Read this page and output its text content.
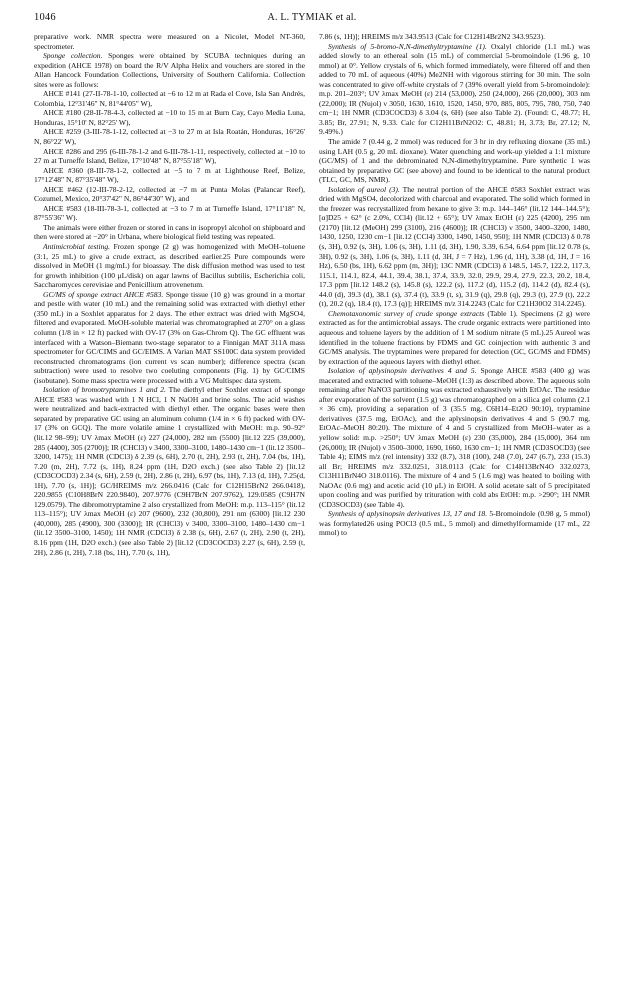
1046	A. L. TYMIAK et al.

preparative work. NMR spectra were measured on a Nicolet, Model NT-360, spectrometer.

Sponge collection. Sponges were obtained by SCUBA techniques during an expedition (AHCE 1978) on board the R/V Alpha Helix and vouchers are stored in the Allan Hancock Foundation Collections, University of Southern California. Collection sites were as follows:

AHCE #141 (27-II-78-1-10, collected at −6 to 12 m at Rada el Cove, Isla San Andrés, Colombia, 12°31'46" N, 81°44'05" W),

AHCE #180 (28-II-78-4-3, collected at −10 to 15 m at Burn Cay, Cayo Media Luna, Honduras, 15°10' N, 82°25' W),

AHCE #259 (3-III-78-1-12, collected at −3 to 27 m at Isla Roatán, Honduras, 16°26' N, 86°22' W),

AHCE #286 and 295 (6-III-78-1-2 and 6-III-78-1-11, respectively, collected at −10 to 27 m at Turneffe Island, Belize, 17°10'48" N, 87°55'18" W),

AHCE #360 (8-III-78-1-2, collected at −5 to 7 m at Lighthouse Reef, Belize, 17°12'48" N, 87°35'48" W),

AHCE #462 (12-III-78-2-12, collected at −7 m at Punta Molas (Palancar Reef), Cozumel, Mexico, 20°37'42" N, 86°44'30" W), and

AHCE #583 (18-III-78-3-1, collected at −3 to 7 m at Turneffe Island, 17°11'18" N, 87°55'36" W).

The animals were either frozen or stored in cans in isopropyl alcohol on shipboard and then were stored at −20° in Urbana, where biological field testing was repeated.

Antimicrobial testing. Frozen sponge (2 g) was homogenized with MeOH–toluene (3:1, 25 mL) to give a crude extract, as described earlier.25 Pure compounds were dissolved in MeOH (1 mg/mL) for bioassay. The disk diffusion method was used to test for growth inhibition (100 μL/disk) on agar lawns of Bacillus subtilis, Escherichia coli, Saccharomyces cerevisiae and Penicillium atrovenetum.

GC/MS of sponge extract AHCE #583. Sponge tissue (10 g) was ground in a mortar and pestle with water (10 mL) and the remaining solid was extracted with diethyl ether (350 mL) in a Soxhlet apparatus for 2 days. The ether extract was dried with MgSO4, filtered and evaporated. MeOH-soluble material was chromatographed at 270° on a glass column (1/8 in × 12 ft) packed with OV-17 (3% on Gas-Chrom Q). The GC effluent was interfaced with a Watson–Biemann two-stage separator to a Finnigan MAT 311A mass spectrometer for GC/CIMS and GC/EIMS. A Varian MAT SS100C data system provided reconstructed chromatograms (ion current vs scan number); difference spectra (scan subtraction) were used to resolve two coeluting components (Fig. 1) by GC/CIMS (isobutane). Some mass spectra were processed with a VG Multispec data system.

Isolation of bromotryptamines 1 and 2. The diethyl ether Soxhlet extract of sponge AHCE #583 was washed with 1 N HCl, 1 N NaOH and brine solns. The acid washes were neutralized and back-extracted with diethyl ether. The organic bases were then separated by preparative GC using an aluminum column (1/4 in × 6 ft) packed with OV-17 (3% on GCQ). The more volatile amine 1 crystallized with MeOH: m.p. 90–92° (lit.12 98–99); UV λmax MeOH (ε) 227 (24,000), 282 nm (5500) [lit.12 225 (39,000), 285 (4400), 305 (2700)]; IR (CHCl3) ν 3400, 3300–3100, 1480–1430 cm−1 (lit.12 3500–3200, 1475); 1H NMR (CDCl3) δ 2.39 (s, 6H), 2.70 (t, 2H), 2.93 (t, 2H), 7.04 (bs, 1H), 7.20 (m, 2H), 7.72 (s, 1H), 8.24 ppm (1H, D2O exch.) (see also Table 2) [lit.12 (CD3COCD3) 2.34 (s, 6H), 2.59 (t, 2H), 2.86 (t, 2H), 6.97 (bs, 1H), 7.13 (d, 1H), 7.25(d, 1H), 7.70 (s, 1H)]; GC/HREIMS m/z 266.0416 (Calc for C12H15BrN2 266.0418), 220.9855 (C10H8BrN 220.9840), 207.9776 (C9H7BrN 207.9762), 129.0585 (C9H7N 129.0579). The dibromotryptamine 2 also crystallized from MeOH: m.p. 113–115° (lit.12 113–115°); UV λmax MeOH (ε) 207 (9600), 232 (30,800), 291 nm (6300) [lit.12 230 (40,000), 285 (4900), 300 (3300)]; IR (CHCl3) ν 3400, 3300–3100, 1480–1430 cm−1 (lit.12 3500–3100, 1450); 1H NMR (CDCl3) δ 2.38 (s, 6H), 2.67 (t, 2H), 2.90 (t, 2H), 8.16 ppm (1H, D2O exch.) (see also Table 2) [lit.12 (CD3COCD3) 2.27 (s, 6H), 2.59 (t, 2H), 2.86 (t, 2H), 7.18 (bs, 1H), 7.70 (s, 1H),

7.86 (s, 1H)]; HREIMS m/z 343.9513 (Calc for C12H14Br2N2 343.9523).

Synthesis of 5-bromo-N,N-dimethyltryptamine (1). Oxalyl chloride (1.1 mL) was added slowly to an ethereal soln (15 mL) of commercial 5-bromoindole (1.96 g, 10 mmol) at 0°. Yellow crystals of 6, which formed immediately, were filtered off and then added to 70 mL of aqueous (40%) Me2NH with vigorous stirring for 30 min. The soln was concentrated to give off-white crystals of 7 (39% overall yield from 5-bromoindole): m.p. 201–203°; UV λmax MeOH (ε) 214 (53,000), 250 (24,000), 266 (20,000), 303 nm (22,000); IR (Nujol) ν 3050, 1630, 1610, 1520, 1450, 970, 885, 805, 795, 780, 750, 740 cm−1; 1H NMR (CD3COCD3) δ 3.04 (s, 6H) (see also Table 2). (Found: C, 48.77; H, 3.85; Br, 27.91; N, 9.33. Calc for C12H11BrN2O2: C, 48.81; H, 3.73; Br, 27.12; N, 9.49%.)

The amide 7 (0.44 g, 2 mmol) was reduced for 3 hr in dry refluxing dioxane (35 mL) using LAH (0.5 g, 20 mL dioxane). Water quenching and work-up yielded a 1:1 mixture (GC/MS) of 1 and the debrominated N,N-dimethyltryptamine. Pure synthetic 1 was obtained by preparative GC (see above) and found to be identical to the natural product (TLC, GC, MS, NMR).

Isolation of aureol (3). The neutral portion of the AHCE #583 Soxhlet extract was dried with MgSO4, decolorized with charcoal and evaporated. The solid which formed in the freezer was recrystallized from hexane to give 3: m.p. 144–146° (lit.12 144–144.5°); [α]D25 + 62° (c 2.0%, CCl4) (lit.12 + 65°); UV λmax EtOH (ε) 225 (4200), 295 nm (2170) [lit.12 (MeOH) 299 (3100), 216 (4600)]; IR (CHCl3) ν 3500, 3400–3200, 1480, 1430, 1250, 1230 cm−1 [lit.12 (CCl4) 3300, 1490, 1450, 950]; 1H NMR (CDCl3) δ 0.78 (s, 3H), 0.92 (s, 3H), 1.06 (s, 3H), 1.11 (d, 3H), 1.90, 3.39, 6.54, 6.64 ppm [lit.12 0.78 (s, 3H), 0.92 (s, 3H), 1.06 (s, 3H), 1.11 (d, 3H, J = 7 Hz), 1.96 (d, 1H), 3.38 (d, 1H, J = 16 Hz), 6.50 (bs, 1H), 6.62 ppm (m, 3H)]; 13C NMR (CDCl3) δ 148.5, 145.7, 122.2, 117.3, 115.1, 114.1, 82.4, 44.1, 39.4, 38.1, 37.4, 33.9, 32.0, 29.9, 29.4, 27.9, 22.3, 20.2, 18.4, 17.3 ppm [lit.12 148.2 (s), 145.8 (s), 122.2 (s), 117.2 (d), 115.2 (d), 114.2 (d), 82.4 (s), 44.0 (d), 39.3 (d), 38.1 (s), 37.4 (t), 33.9 (t, s), 31.9 (q), 29.8 (q), 29.3 (t), 27.9 (t), 22.2 (t), 20.2 (q), 18.4 (t), 17.3 (q)]; HREIMS m/z 314.2243 (Calc for C21H30O2 314.2245).

Chemotaxonomic survey of crude sponge extracts (Table 1). Specimens (2 g) were extracted as for the antimicrobial assays. The crude organic extracts were partitioned into aqueous and toluene layers by the addition of 1 M sodium nitrate (5 mL).25 Aureol was identified in the toluene fractions by FDMS and GC coinjection with authentic 3 and GC/MS analysis. The tryptamines were prepared for detection (GC, GC/MS and FDMS) by extraction of the aqueous layers with diethyl ether.

Isolation of aplysinopsin derivatives 4 and 5. Sponge AHCE #583 (400 g) was macerated and extracted with toluene–MeOH (1:3) as described above. The aqueous soln remaining after NaNO3 partitioning was extracted exhaustively with EtOAc. The residue after evaporation of the solvent (1.5 g) was chromatographed on a silica gel column (2.1 × 36 cm), providing a separation of 3 (35.5 mg, C6H14–Et2O 90:10), tryptamine derivatives (37.5 mg, EtOAc), and the aplysinopsin derivatives 4 and 5 (90.7 mg, EtOAc–MeOH 80:20). The mixture of 4 and 5 crystallized from MeOH–water as a yellow solid: m.p. >250°; UV λmax MeOH (ε) 230 (35,000), 284 (15,000), 364 nm (26,000); IR (Nujol) ν 3500–3000, 1690, 1660, 1630 cm−1; 1H NMR (CD3SOCD3) (see Table 4); EIMS m/z (rel intensity) 332 (8.7), 318 (100), 248 (7.0), 247 (6.7), 233 (15.3) all Br; HREIMS m/z 332.0251, 318.0113 (Calc for C14H13BrN4O 332.0273, C13H11BrN4O 318.0116). The mixture of 4 and 5 (1.6 mg) was heated to boiling with NaOAc (0.6 mg) and acetic acid (10 μL) in EtOH. A solid acetate salt of 5 precipitated upon cooling and was purified by trituration with cold abs EtOH: m.p. >290°; 1H NMR (CD3SOCD3) (see Table 4).

Synthesis of aplysinopsin derivatives 13, 17 and 18. 5-Bromoindole (0.98 g, 5 mmol) was formylated26 using POCl3 (0.5 mL, 5 mmol) and dimethylformamide (17 mL, 22 mmol) to
